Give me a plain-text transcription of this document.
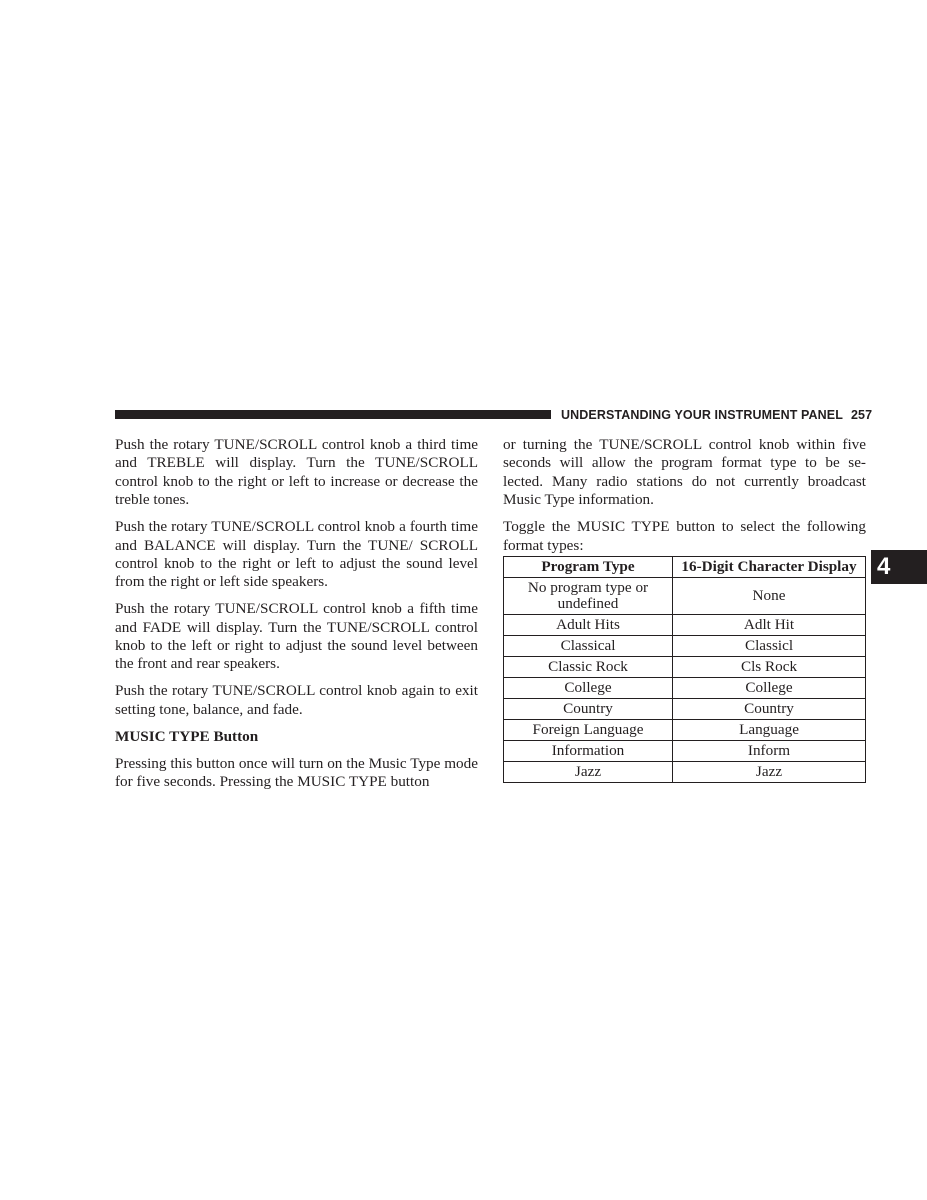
UNDERSTANDING YOUR INSTRUMENT PANEL 257
4

Push the rotary TUNE/SCROLL control knob a third time and TREBLE will display. Turn the TUNE/SCROLL control knob to the right or left to increase or decrease the treble tones.

Push the rotary TUNE/SCROLL control knob a fourth time and BALANCE will display. Turn the TUNE/ SCROLL control knob to the right or left to adjust the sound level from the right or left side speakers.

Push the rotary TUNE/SCROLL control knob a fifth time and FADE will display. Turn the TUNE/SCROLL control knob to the left or right to adjust the sound level between the front and rear speakers.

Push the rotary TUNE/SCROLL control knob again to exit setting tone, balance, and fade.

MUSIC TYPE Button

Pressing this button once will turn on the Music Type mode for five seconds. Pressing the MUSIC TYPE button

or turning the TUNE/SCROLL control knob within five seconds will allow the program format type to be se- lected. Many radio stations do not currently broadcast Music Type information.

Toggle the MUSIC TYPE button to select the following format types:

Program Type	16-Digit Character Display
No program type or undefined	None
Adult Hits	Adlt Hit
Classical	Classicl
Classic Rock	Cls Rock
College	College
Country	Country
Foreign Language	Language
Information	Inform
Jazz	Jazz
